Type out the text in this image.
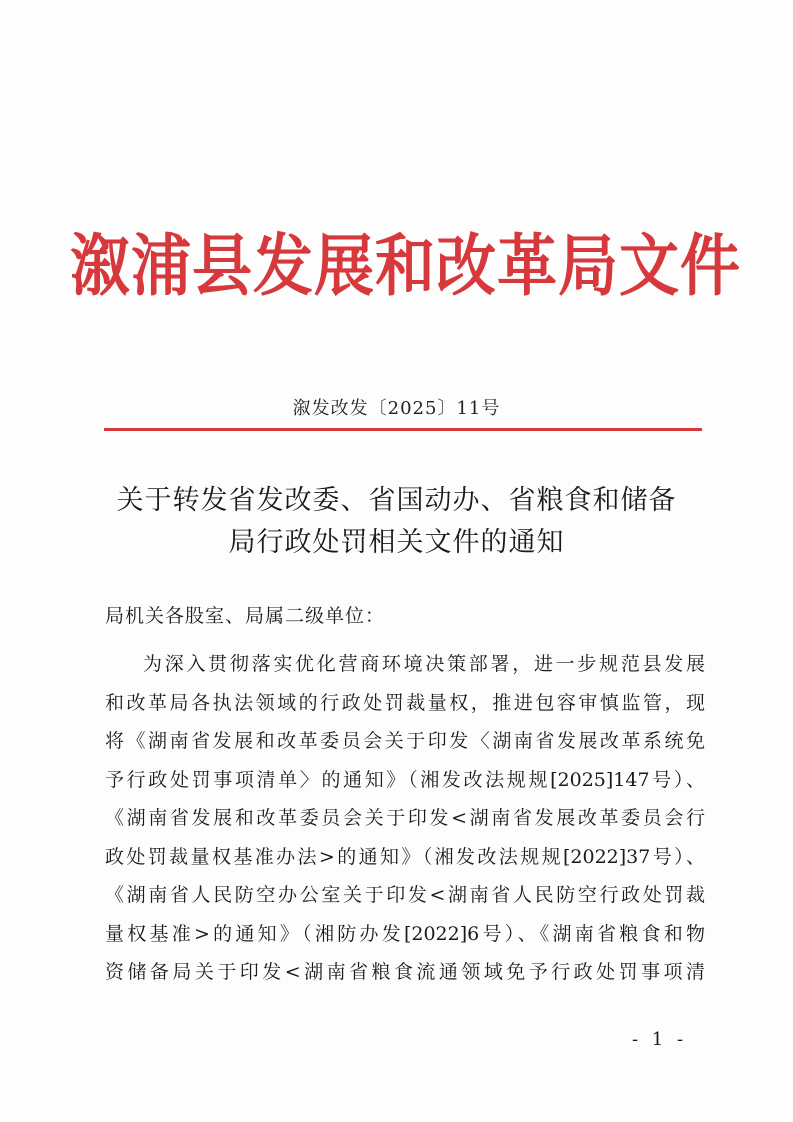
溆浦县发展和改革局文件
溆发改发〔2025〕11号
关于转发省发改委、省国动办、省粮食和储备
局行政处罚相关文件的通知
局机关各股室、局属二级单位：
为深入贯彻落实优化营商环境决策部署，进一步规范县发展
和改革局各执法领域的行政处罚裁量权，推进包容审慎监管，现
将《湖南省发展和改革委员会关于印发〈湖南省发展改革系统免
予行政处罚事项清单〉的通知》（湘发改法规规[2025]147号）、
《湖南省发展和改革委员会关于印发<湖南省发展改革委员会行
政处罚裁量权基准办法>的通知》（湘发改法规规[2022]37号）、
《湖南省人民防空办公室关于印发<湖南省人民防空行政处罚裁
量权基准>的通知》（湘防办发[2022]6号）、《湖南省粮食和物
资储备局关于印发<湖南省粮食流通领域免予行政处罚事项清
- 1 -
